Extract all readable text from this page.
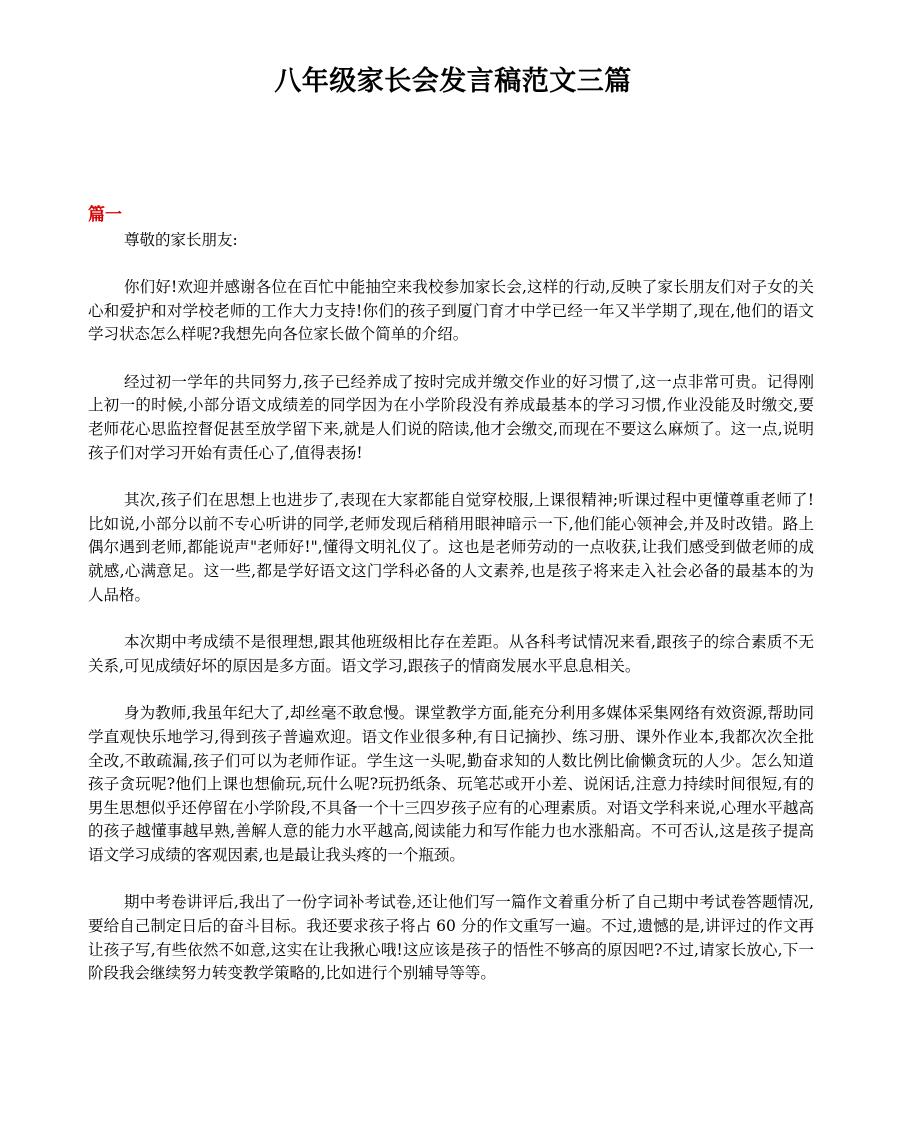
八年级家长会发言稿范文三篇

篇一

尊敬的家长朋友:

你们好!欢迎并感谢各位在百忙中能抽空来我校参加家长会,这样的行动,反映了家长朋友们对子女的关心和爱护和对学校老师的工作大力支持!你们的孩子到厦门育才中学已经一年又半学期了,现在,他们的语文学习状态怎么样呢?我想先向各位家长做个简单的介绍。

经过初一学年的共同努力,孩子已经养成了按时完成并缴交作业的好习惯了,这一点非常可贵。记得刚上初一的时候,小部分语文成绩差的同学因为在小学阶段没有养成最基本的学习习惯,作业没能及时缴交,要老师花心思监控督促甚至放学留下来,就是人们说的陪读,他才会缴交,而现在不要这么麻烦了。这一点,说明孩子们对学习开始有责任心了,值得表扬!

其次,孩子们在思想上也进步了,表现在大家都能自觉穿校服,上课很精神;听课过程中更懂尊重老师了!比如说,小部分以前不专心听讲的同学,老师发现后稍稍用眼神暗示一下,他们能心领神会,并及时改错。路上偶尔遇到老师,都能说声"老师好!",懂得文明礼仪了。这也是老师劳动的一点收获,让我们感受到做老师的成就感,心满意足。这一些,都是学好语文这门学科必备的人文素养,也是孩子将来走入社会必备的最基本的为人品格。

本次期中考成绩不是很理想,跟其他班级相比存在差距。从各科考试情况来看,跟孩子的综合素质不无关系,可见成绩好坏的原因是多方面。语文学习,跟孩子的情商发展水平息息相关。

身为教师,我虽年纪大了,却丝毫不敢怠慢。课堂教学方面,能充分利用多媒体采集网络有效资源,帮助同学直观快乐地学习,得到孩子普遍欢迎。语文作业很多种,有日记摘抄、练习册、课外作业本,我都次次全批全改,不敢疏漏,孩子们可以为老师作证。学生这一头呢,勤奋求知的人数比例比偷懒贪玩的人少。怎么知道孩子贪玩呢?他们上课也想偷玩,玩什么呢?玩扔纸条、玩笔芯或开小差、说闲话,注意力持续时间很短,有的男生思想似乎还停留在小学阶段,不具备一个十三四岁孩子应有的心理素质。对语文学科来说,心理水平越高的孩子越懂事越早熟,善解人意的能力水平越高,阅读能力和写作能力也水涨船高。不可否认,这是孩子提高语文学习成绩的客观因素,也是最让我头疼的一个瓶颈。

期中考卷讲评后,我出了一份字词补考试卷,还让他们写一篇作文着重分析了自己期中考试卷答题情况,要给自己制定日后的奋斗目标。我还要求孩子将占 60 分的作文重写一遍。不过,遗憾的是,讲评过的作文再让孩子写,有些依然不如意,这实在让我揪心哦!这应该是孩子的悟性不够高的原因吧?不过,请家长放心,下一阶段我会继续努力转变教学策略的,比如进行个别辅导等等。
